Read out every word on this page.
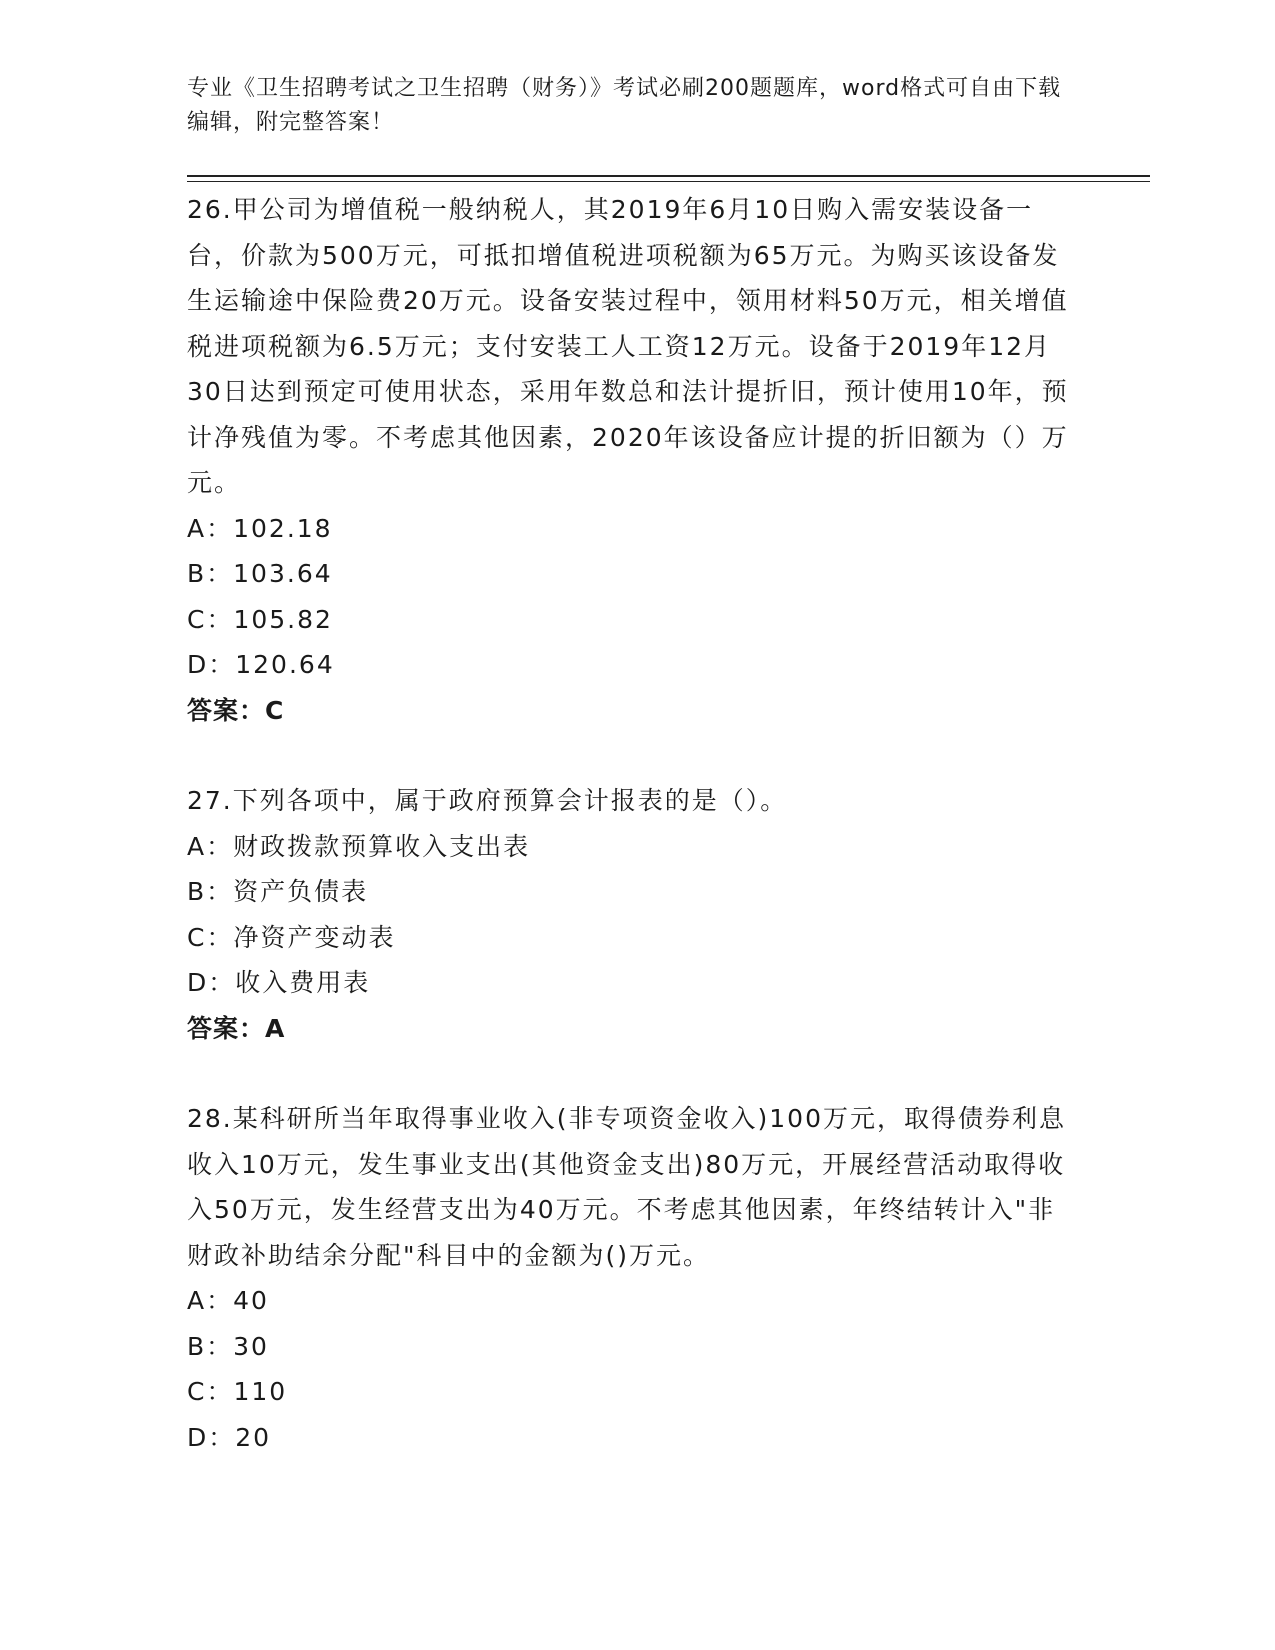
专业《卫生招聘考试之卫生招聘（财务）》考试必刷200题题库，word格式可自由下载编辑，附完整答案！

26.甲公司为增值税一般纳税人，其2019年6月10日购入需安装设备一台，价款为500万元，可抵扣增值税进项税额为65万元。为购买该设备发生运输途中保险费20万元。设备安装过程中，领用材料50万元，相关增值税进项税额为6.5万元；支付安装工人工资12万元。设备于2019年12月30日达到预定可使用状态，采用年数总和法计提折旧，预计使用10年，预计净残值为零。不考虑其他因素，2020年该设备应计提的折旧额为（）万元。

A：102.18

B：103.64

C：105.82

D：120.64

答案：C

27.下列各项中，属于政府预算会计报表的是（）。

A：财政拨款预算收入支出表

B：资产负债表

C：净资产变动表

D：收入费用表

答案：A

28.某科研所当年取得事业收入(非专项资金收入)100万元，取得债券利息收入10万元，发生事业支出(其他资金支出)80万元，开展经营活动取得收入50万元，发生经营支出为40万元。不考虑其他因素，年终结转计入"非财政补助结余分配"科目中的金额为()万元。

A：40

B：30

C：110

D：20
